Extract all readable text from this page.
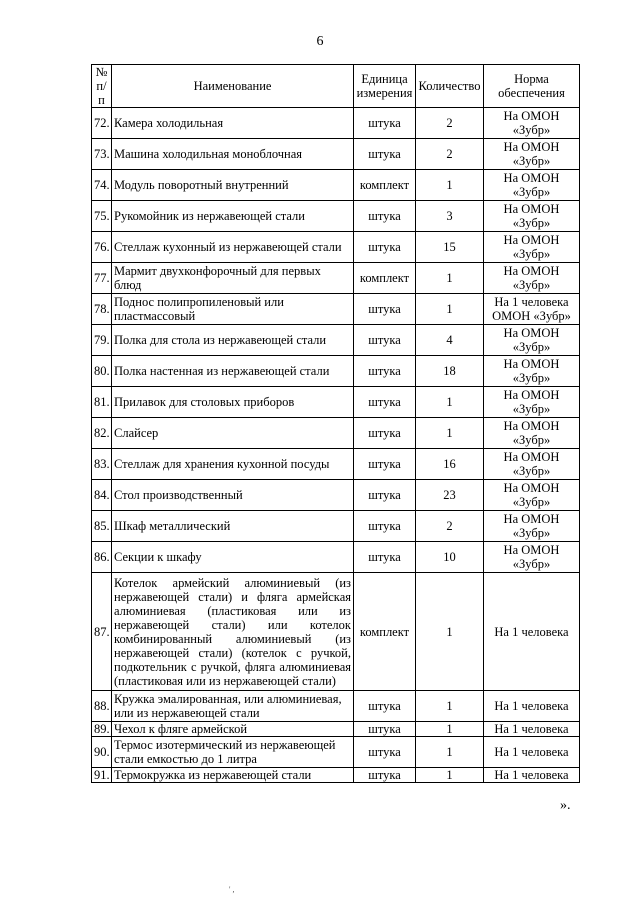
6
№ п/п	Наименование	Единица измерения	Количество	Норма обеспечения
72.	Камера холодильная	штука	2	На ОМОН «Зубр»
73.	Машина холодильная моноблочная	штука	2	На ОМОН «Зубр»
74.	Модуль поворотный внутренний	комплект	1	На ОМОН «Зубр»
75.	Рукомойник из нержавеющей стали	штука	3	На ОМОН «Зубр»
76.	Стеллаж кухонный из нержавеющей стали	штука	15	На ОМОН «Зубр»
77.	Мармит двухконфорочный для первых блюд	комплект	1	На ОМОН «Зубр»
78.	Поднос полипропиленовый или пластмассовый	штука	1	На 1 человека ОМОН «Зубр»
79.	Полка для стола из нержавеющей стали	штука	4	На ОМОН «Зубр»
80.	Полка настенная из нержавеющей стали	штука	18	На ОМОН «Зубр»
81.	Прилавок для столовых приборов	штука	1	На ОМОН «Зубр»
82.	Слайсер	штука	1	На ОМОН «Зубр»
83.	Стеллаж для хранения кухонной посуды	штука	16	На ОМОН «Зубр»
84.	Стол производственный	штука	23	На ОМОН «Зубр»
85.	Шкаф металлический	штука	2	На ОМОН «Зубр»
86.	Секции к шкафу	штука	10	На ОМОН «Зубр»
87.	Котелок армейский алюминиевый (из нержавеющей стали) и фляга армейская алюминиевая (пластиковая или из нержавеющей стали) или котелок комбинированный алюминиевый (из нержавеющей стали) (котелок с ручкой, подкотельник с ручкой, фляга алюминиевая (пластиковая или из нержавеющей стали)	комплект	1	На 1 человека
88.	Кружка эмалированная, или алюминиевая, или из нержавеющей стали	штука	1	На 1 человека
89.	Чехол к фляге армейской	штука	1	На 1 человека
90.	Термос изотермический из нержавеющей стали емкостью до 1 литра	штука	1	На 1 человека
91.	Термокружка из нержавеющей стали	штука	1	На 1 человека
».
' ,
